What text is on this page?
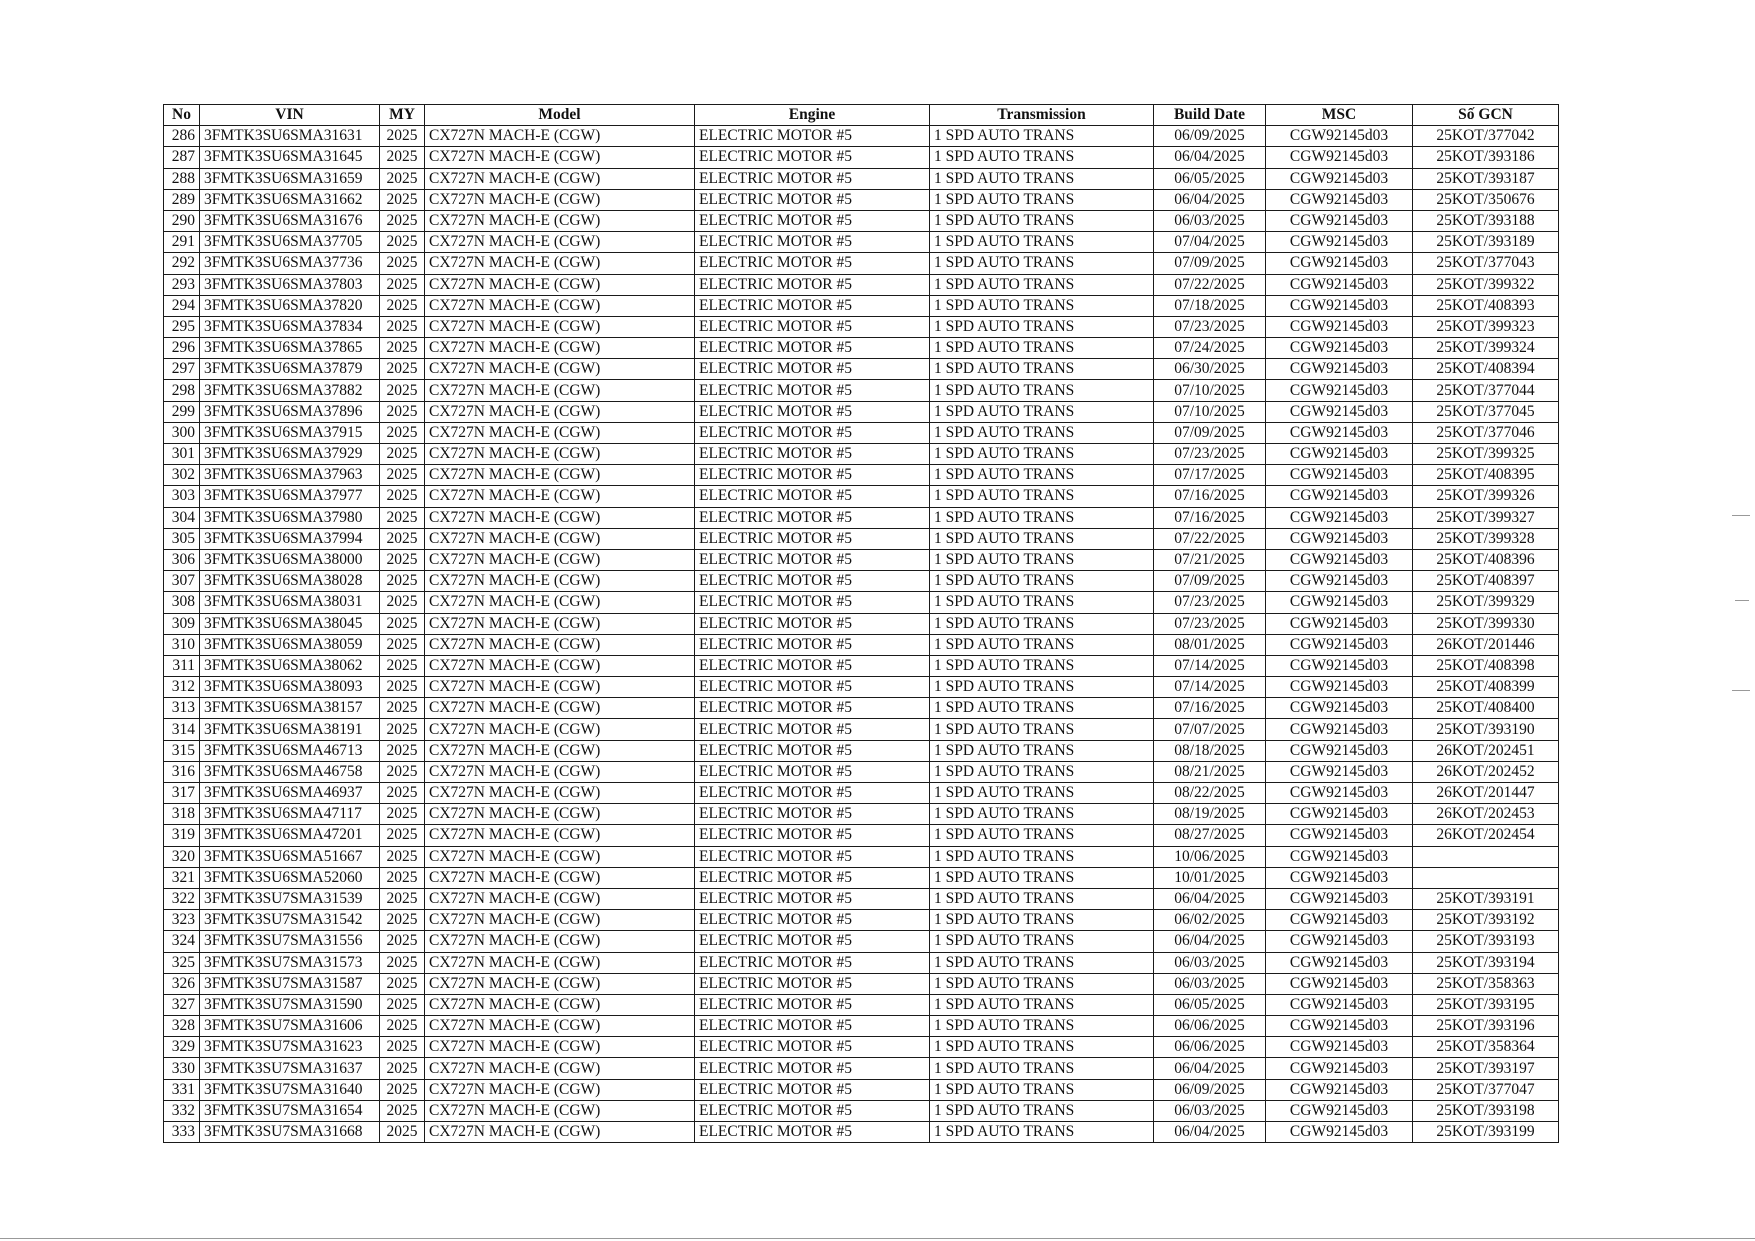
No	VIN	MY	Model	Engine	Transmission	Build Date	MSC	Số GCN
286	3FMTK3SU6SMA31631	2025	CX727N MACH-E (CGW)	ELECTRIC MOTOR #5	1 SPD AUTO TRANS	06/09/2025	CGW92145d03	25KOT/377042
287	3FMTK3SU6SMA31645	2025	CX727N MACH-E (CGW)	ELECTRIC MOTOR #5	1 SPD AUTO TRANS	06/04/2025	CGW92145d03	25KOT/393186
288	3FMTK3SU6SMA31659	2025	CX727N MACH-E (CGW)	ELECTRIC MOTOR #5	1 SPD AUTO TRANS	06/05/2025	CGW92145d03	25KOT/393187
289	3FMTK3SU6SMA31662	2025	CX727N MACH-E (CGW)	ELECTRIC MOTOR #5	1 SPD AUTO TRANS	06/04/2025	CGW92145d03	25KOT/350676
290	3FMTK3SU6SMA31676	2025	CX727N MACH-E (CGW)	ELECTRIC MOTOR #5	1 SPD AUTO TRANS	06/03/2025	CGW92145d03	25KOT/393188
291	3FMTK3SU6SMA37705	2025	CX727N MACH-E (CGW)	ELECTRIC MOTOR #5	1 SPD AUTO TRANS	07/04/2025	CGW92145d03	25KOT/393189
292	3FMTK3SU6SMA37736	2025	CX727N MACH-E (CGW)	ELECTRIC MOTOR #5	1 SPD AUTO TRANS	07/09/2025	CGW92145d03	25KOT/377043
293	3FMTK3SU6SMA37803	2025	CX727N MACH-E (CGW)	ELECTRIC MOTOR #5	1 SPD AUTO TRANS	07/22/2025	CGW92145d03	25KOT/399322
294	3FMTK3SU6SMA37820	2025	CX727N MACH-E (CGW)	ELECTRIC MOTOR #5	1 SPD AUTO TRANS	07/18/2025	CGW92145d03	25KOT/408393
295	3FMTK3SU6SMA37834	2025	CX727N MACH-E (CGW)	ELECTRIC MOTOR #5	1 SPD AUTO TRANS	07/23/2025	CGW92145d03	25KOT/399323
296	3FMTK3SU6SMA37865	2025	CX727N MACH-E (CGW)	ELECTRIC MOTOR #5	1 SPD AUTO TRANS	07/24/2025	CGW92145d03	25KOT/399324
297	3FMTK3SU6SMA37879	2025	CX727N MACH-E (CGW)	ELECTRIC MOTOR #5	1 SPD AUTO TRANS	06/30/2025	CGW92145d03	25KOT/408394
298	3FMTK3SU6SMA37882	2025	CX727N MACH-E (CGW)	ELECTRIC MOTOR #5	1 SPD AUTO TRANS	07/10/2025	CGW92145d03	25KOT/377044
299	3FMTK3SU6SMA37896	2025	CX727N MACH-E (CGW)	ELECTRIC MOTOR #5	1 SPD AUTO TRANS	07/10/2025	CGW92145d03	25KOT/377045
300	3FMTK3SU6SMA37915	2025	CX727N MACH-E (CGW)	ELECTRIC MOTOR #5	1 SPD AUTO TRANS	07/09/2025	CGW92145d03	25KOT/377046
301	3FMTK3SU6SMA37929	2025	CX727N MACH-E (CGW)	ELECTRIC MOTOR #5	1 SPD AUTO TRANS	07/23/2025	CGW92145d03	25KOT/399325
302	3FMTK3SU6SMA37963	2025	CX727N MACH-E (CGW)	ELECTRIC MOTOR #5	1 SPD AUTO TRANS	07/17/2025	CGW92145d03	25KOT/408395
303	3FMTK3SU6SMA37977	2025	CX727N MACH-E (CGW)	ELECTRIC MOTOR #5	1 SPD AUTO TRANS	07/16/2025	CGW92145d03	25KOT/399326
304	3FMTK3SU6SMA37980	2025	CX727N MACH-E (CGW)	ELECTRIC MOTOR #5	1 SPD AUTO TRANS	07/16/2025	CGW92145d03	25KOT/399327
305	3FMTK3SU6SMA37994	2025	CX727N MACH-E (CGW)	ELECTRIC MOTOR #5	1 SPD AUTO TRANS	07/22/2025	CGW92145d03	25KOT/399328
306	3FMTK3SU6SMA38000	2025	CX727N MACH-E (CGW)	ELECTRIC MOTOR #5	1 SPD AUTO TRANS	07/21/2025	CGW92145d03	25KOT/408396
307	3FMTK3SU6SMA38028	2025	CX727N MACH-E (CGW)	ELECTRIC MOTOR #5	1 SPD AUTO TRANS	07/09/2025	CGW92145d03	25KOT/408397
308	3FMTK3SU6SMA38031	2025	CX727N MACH-E (CGW)	ELECTRIC MOTOR #5	1 SPD AUTO TRANS	07/23/2025	CGW92145d03	25KOT/399329
309	3FMTK3SU6SMA38045	2025	CX727N MACH-E (CGW)	ELECTRIC MOTOR #5	1 SPD AUTO TRANS	07/23/2025	CGW92145d03	25KOT/399330
310	3FMTK3SU6SMA38059	2025	CX727N MACH-E (CGW)	ELECTRIC MOTOR #5	1 SPD AUTO TRANS	08/01/2025	CGW92145d03	26KOT/201446
311	3FMTK3SU6SMA38062	2025	CX727N MACH-E (CGW)	ELECTRIC MOTOR #5	1 SPD AUTO TRANS	07/14/2025	CGW92145d03	25KOT/408398
312	3FMTK3SU6SMA38093	2025	CX727N MACH-E (CGW)	ELECTRIC MOTOR #5	1 SPD AUTO TRANS	07/14/2025	CGW92145d03	25KOT/408399
313	3FMTK3SU6SMA38157	2025	CX727N MACH-E (CGW)	ELECTRIC MOTOR #5	1 SPD AUTO TRANS	07/16/2025	CGW92145d03	25KOT/408400
314	3FMTK3SU6SMA38191	2025	CX727N MACH-E (CGW)	ELECTRIC MOTOR #5	1 SPD AUTO TRANS	07/07/2025	CGW92145d03	25KOT/393190
315	3FMTK3SU6SMA46713	2025	CX727N MACH-E (CGW)	ELECTRIC MOTOR #5	1 SPD AUTO TRANS	08/18/2025	CGW92145d03	26KOT/202451
316	3FMTK3SU6SMA46758	2025	CX727N MACH-E (CGW)	ELECTRIC MOTOR #5	1 SPD AUTO TRANS	08/21/2025	CGW92145d03	26KOT/202452
317	3FMTK3SU6SMA46937	2025	CX727N MACH-E (CGW)	ELECTRIC MOTOR #5	1 SPD AUTO TRANS	08/22/2025	CGW92145d03	26KOT/201447
318	3FMTK3SU6SMA47117	2025	CX727N MACH-E (CGW)	ELECTRIC MOTOR #5	1 SPD AUTO TRANS	08/19/2025	CGW92145d03	26KOT/202453
319	3FMTK3SU6SMA47201	2025	CX727N MACH-E (CGW)	ELECTRIC MOTOR #5	1 SPD AUTO TRANS	08/27/2025	CGW92145d03	26KOT/202454
320	3FMTK3SU6SMA51667	2025	CX727N MACH-E (CGW)	ELECTRIC MOTOR #5	1 SPD AUTO TRANS	10/06/2025	CGW92145d03	
321	3FMTK3SU6SMA52060	2025	CX727N MACH-E (CGW)	ELECTRIC MOTOR #5	1 SPD AUTO TRANS	10/01/2025	CGW92145d03	
322	3FMTK3SU7SMA31539	2025	CX727N MACH-E (CGW)	ELECTRIC MOTOR #5	1 SPD AUTO TRANS	06/04/2025	CGW92145d03	25KOT/393191
323	3FMTK3SU7SMA31542	2025	CX727N MACH-E (CGW)	ELECTRIC MOTOR #5	1 SPD AUTO TRANS	06/02/2025	CGW92145d03	25KOT/393192
324	3FMTK3SU7SMA31556	2025	CX727N MACH-E (CGW)	ELECTRIC MOTOR #5	1 SPD AUTO TRANS	06/04/2025	CGW92145d03	25KOT/393193
325	3FMTK3SU7SMA31573	2025	CX727N MACH-E (CGW)	ELECTRIC MOTOR #5	1 SPD AUTO TRANS	06/03/2025	CGW92145d03	25KOT/393194
326	3FMTK3SU7SMA31587	2025	CX727N MACH-E (CGW)	ELECTRIC MOTOR #5	1 SPD AUTO TRANS	06/03/2025	CGW92145d03	25KOT/358363
327	3FMTK3SU7SMA31590	2025	CX727N MACH-E (CGW)	ELECTRIC MOTOR #5	1 SPD AUTO TRANS	06/05/2025	CGW92145d03	25KOT/393195
328	3FMTK3SU7SMA31606	2025	CX727N MACH-E (CGW)	ELECTRIC MOTOR #5	1 SPD AUTO TRANS	06/06/2025	CGW92145d03	25KOT/393196
329	3FMTK3SU7SMA31623	2025	CX727N MACH-E (CGW)	ELECTRIC MOTOR #5	1 SPD AUTO TRANS	06/06/2025	CGW92145d03	25KOT/358364
330	3FMTK3SU7SMA31637	2025	CX727N MACH-E (CGW)	ELECTRIC MOTOR #5	1 SPD AUTO TRANS	06/04/2025	CGW92145d03	25KOT/393197
331	3FMTK3SU7SMA31640	2025	CX727N MACH-E (CGW)	ELECTRIC MOTOR #5	1 SPD AUTO TRANS	06/09/2025	CGW92145d03	25KOT/377047
332	3FMTK3SU7SMA31654	2025	CX727N MACH-E (CGW)	ELECTRIC MOTOR #5	1 SPD AUTO TRANS	06/03/2025	CGW92145d03	25KOT/393198
333	3FMTK3SU7SMA31668	2025	CX727N MACH-E (CGW)	ELECTRIC MOTOR #5	1 SPD AUTO TRANS	06/04/2025	CGW92145d03	25KOT/393199
